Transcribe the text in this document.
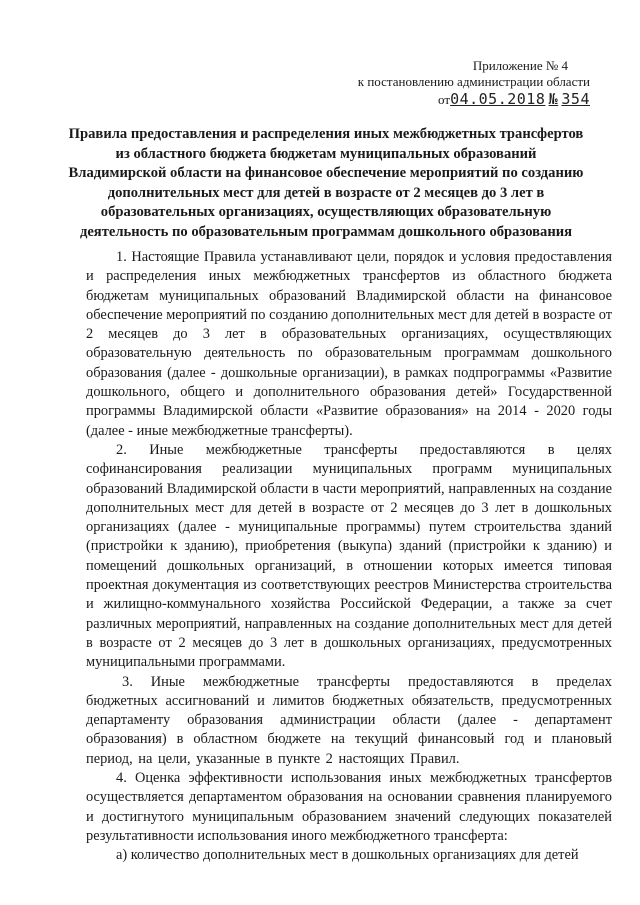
Приложение № 4
к постановлению администрации области
от04.05.2018 № 354
Правила предоставления и распределения иных межбюджетных трансфертов
из областного бюджета бюджетам муниципальных образований
Владимирской области на финансовое обеспечение мероприятий по созданию
дополнительных мест для детей в возрасте от 2 месяцев до 3 лет в
образовательных организациях, осуществляющих образовательную
деятельность по образовательным программам дошкольного образования

1. Настоящие Правила устанавливают цели, порядок и условия предоставления и распределения иных межбюджетных трансфертов из областного бюджета бюджетам муниципальных образований Владимирской области на финансовое обеспечение мероприятий по созданию дополнительных мест для детей в возрасте от 2 месяцев до 3 лет в образовательных организациях, осуществляющих образовательную деятельность по образовательным программам дошкольного образования (далее - дошкольные организации), в рамках подпрограммы «Развитие дошкольного, общего и дополнительного образования детей» Государственной программы Владимирской области «Развитие образования» на 2014 - 2020 годы (далее - иные межбюджетные трансферты).

2. Иные межбюджетные трансферты предоставляются в целях софинансирования реализации муниципальных программ муниципальных образований Владимирской области в части мероприятий, направленных на создание дополнительных мест для детей в возрасте от 2 месяцев до 3 лет в дошкольных организациях (далее - муниципальные программы) путем строительства зданий (пристройки к зданию), приобретения (выкупа) зданий (пристройки к зданию) и помещений дошкольных организаций, в отношении которых имеется типовая проектная документация из соответствующих реестров Министерства строительства и жилищно-коммунального хозяйства Российской Федерации, а также за счет различных мероприятий, направленных на создание дополнительных мест для детей в возрасте от 2 месяцев до 3 лет в дошкольных организациях, предусмотренных муниципальными программами.

3. Иные межбюджетные трансферты предоставляются в пределах бюджетных ассигнований и лимитов бюджетных обязательств, предусмотренных департаменту образования администрации области (далее - департамент образования) в областном бюджете на текущий финансовый год и плановый период, на цели, указанные в пункте 2 настоящих Правил.

4. Оценка эффективности использования иных межбюджетных трансфертов осуществляется департаментом образования на основании сравнения планируемого и достигнутого муниципальным образованием значений следующих показателей результативности использования иного межбюджетного трансферта:

а) количество дополнительных мест в дошкольных организациях для детей
